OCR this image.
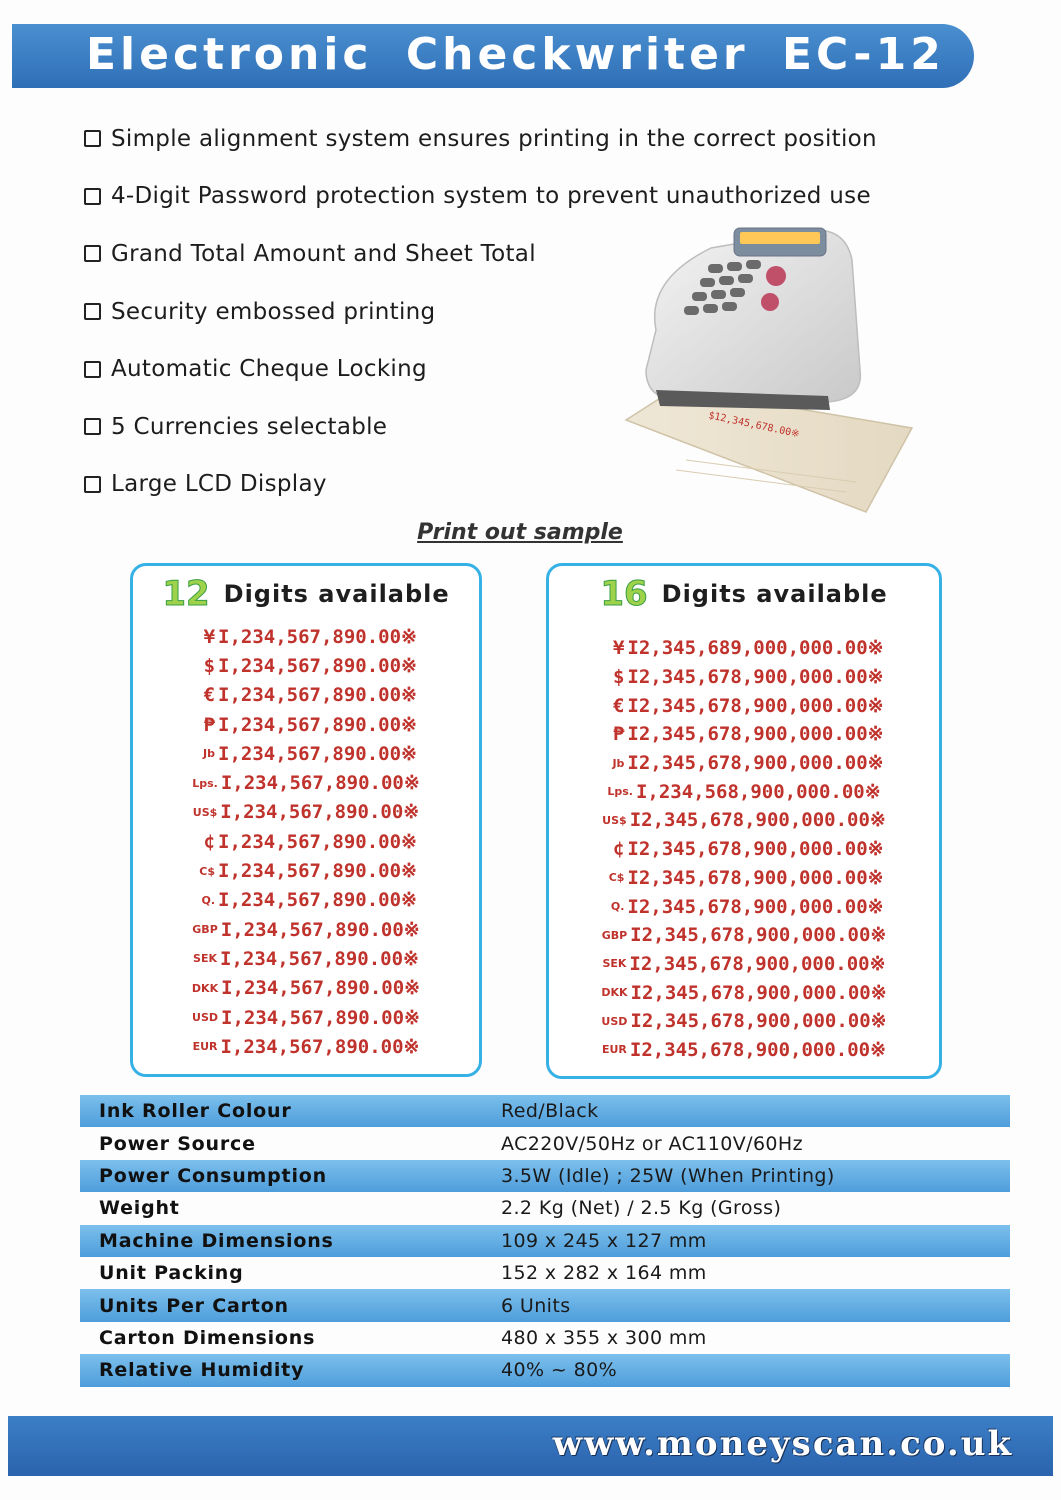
Electronic Checkwriter EC-12
Simple alignment system ensures printing in the correct position
4-Digit Password protection system to prevent unauthorized use
Grand Total Amount and Sheet Total
Security embossed printing
Automatic Cheque Locking
5 Currencies selectable
Large LCD Display
$12,345,678.00※
Print out sample
12 Digits available
¥ I,234,567,890.00※
$ I,234,567,890.00※
€ I,234,567,890.00※
₱ I,234,567,890.00※
Jb I,234,567,890.00※
Lps. I,234,567,890.00※
US$ I,234,567,890.00※
¢ I,234,567,890.00※
C$ I,234,567,890.00※
Q. I,234,567,890.00※
GBP I,234,567,890.00※
SEK I,234,567,890.00※
DKK I,234,567,890.00※
USD I,234,567,890.00※
EUR I,234,567,890.00※
16 Digits available
¥ I2,345,689,000,000.00※
$ I2,345,678,900,000.00※
€ I2,345,678,900,000.00※
₱ I2,345,678,900,000.00※
Jb I2,345,678,900,000.00※
Lps. I,234,568,900,000.00※
US$ I2,345,678,900,000.00※
¢ I2,345,678,900,000.00※
C$ I2,345,678,900,000.00※
Q. I2,345,678,900,000.00※
GBP I2,345,678,900,000.00※
SEK I2,345,678,900,000.00※
DKK I2,345,678,900,000.00※
USD I2,345,678,900,000.00※
EUR I2,345,678,900,000.00※
Ink Roller Colour	Red/Black
Power Source	AC220V/50Hz or AC110V/60Hz
Power Consumption	3.5W (Idle) ; 25W (When Printing)
Weight	2.2 Kg (Net) / 2.5 Kg (Gross)
Machine Dimensions	109 x 245 x 127 mm
Unit Packing	152 x 282 x 164 mm
Units Per Carton	6 Units
Carton Dimensions	480 x 355 x 300 mm
Relative Humidity	40% ~ 80%
www.moneyscan.co.uk
